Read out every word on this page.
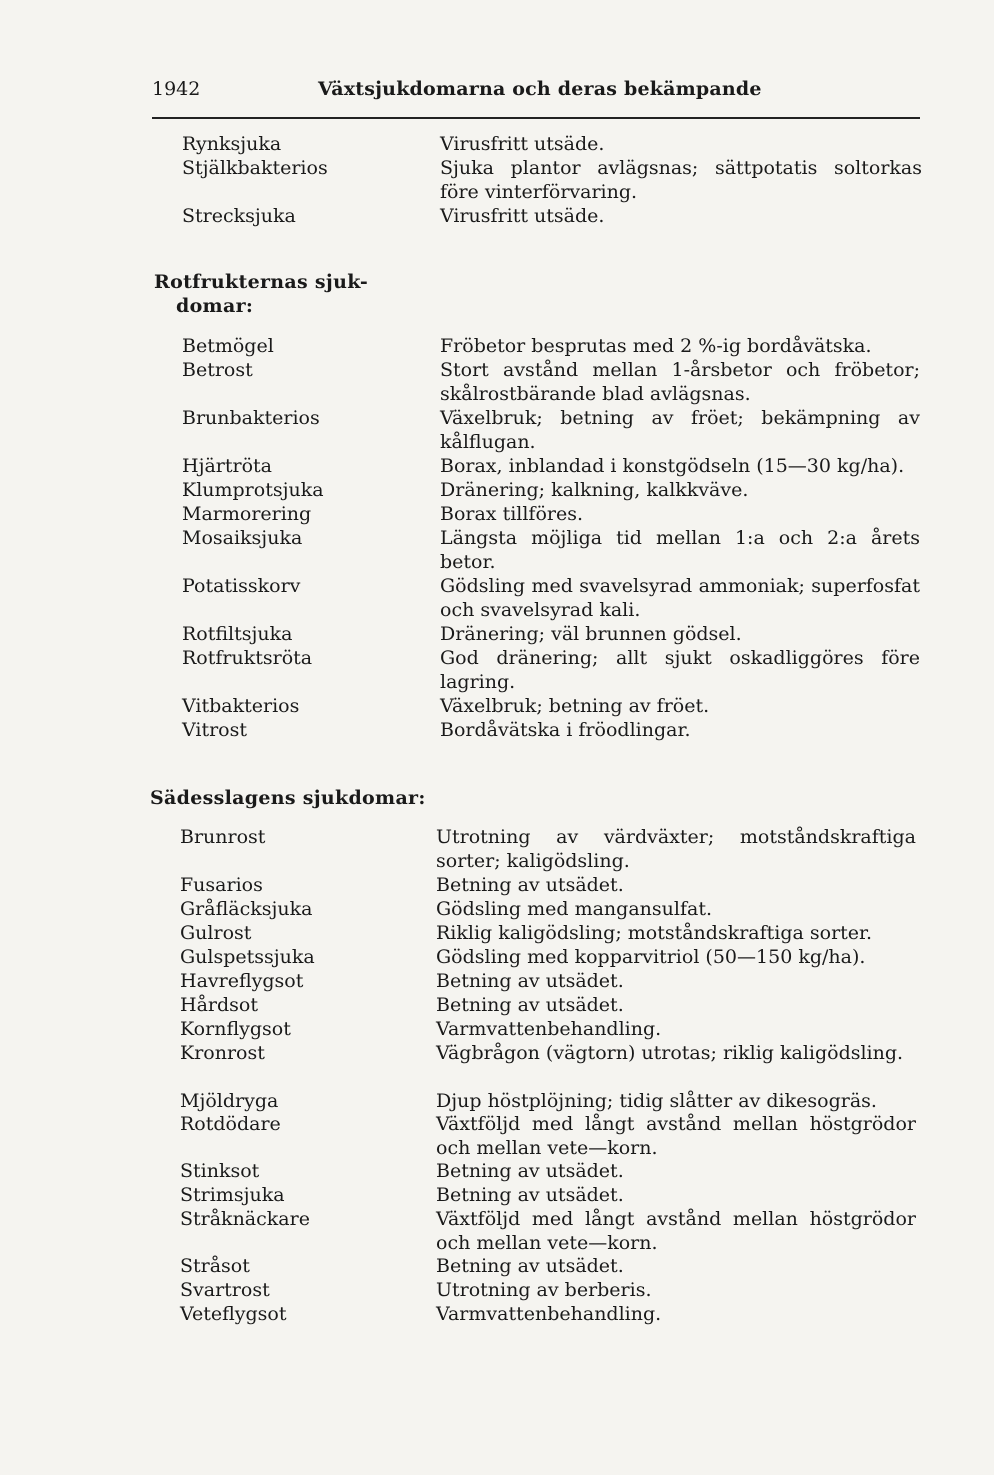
1942	Växtsjukdomarna och deras bekämpande
Rynksjuka	Virusfritt utsäde.
Stjälkbakterios	Sjuka plantor avlägsnas; sättpotatis soltorkas före vinterförvaring.
Strecksjuka	Virusfritt utsäde.
Rotfrukternas sjuk-
domar:
Betmögel	Fröbetor besprutas med 2 %-ig bordåvätska.
Betrost	Stort avstånd mellan 1-årsbetor och fröbetor; skålrostbärande blad avlägsnas.
Brunbakterios	Växelbruk; betning av fröet; bekämpning av kålflugan.
Hjärtröta	Borax, inblandad i konstgödseln (15—30 kg/ha).
Klumprotsjuka	Dränering; kalkning, kalkkväve.
Marmorering	Borax tillföres.
Mosaiksjuka	Längsta möjliga tid mellan 1:a och 2:a årets betor.
Potatisskorv	Gödsling med svavelsyrad ammoniak; superfosfat och svavelsyrad kali.
Rotfiltsjuka	Dränering; väl brunnen gödsel.
Rotfruktsröta	God dränering; allt sjukt oskadliggöres före lagring.
Vitbakterios	Växelbruk; betning av fröet.
Vitrost	Bordåvätska i fröodlingar.
Sädesslagens sjukdomar:
Brunrost	Utrotning av värdväxter; motståndskraftiga sorter; kaligödsling.
Fusarios	Betning av utsädet.
Gråfläcksjuka	Gödsling med mangansulfat.
Gulrost	Riklig kaligödsling; motståndskraftiga sorter.
Gulspetssjuka	Gödsling med kopparvitriol (50—150 kg/ha).
Havreflygsot	Betning av utsädet.
Hårdsot	Betning av utsädet.
Kornflygsot	Varmvattenbehandling.
Kronrost	Vägbrågon (vägtorn) utrotas; riklig kaligödsling.
Mjöldryga	Djup höstplöjning; tidig slåtter av dikesogräs.
Rotdödare	Växtföljd med långt avstånd mellan höstgrödor och mellan vete—korn.
Stinksot	Betning av utsädet.
Strimsjuka	Betning av utsädet.
Stråknäckare	Växtföljd med långt avstånd mellan höstgrödor och mellan vete—korn.
Stråsot	Betning av utsädet.
Svartrost	Utrotning av berberis.
Veteflygsot	Varmvattenbehandling.
